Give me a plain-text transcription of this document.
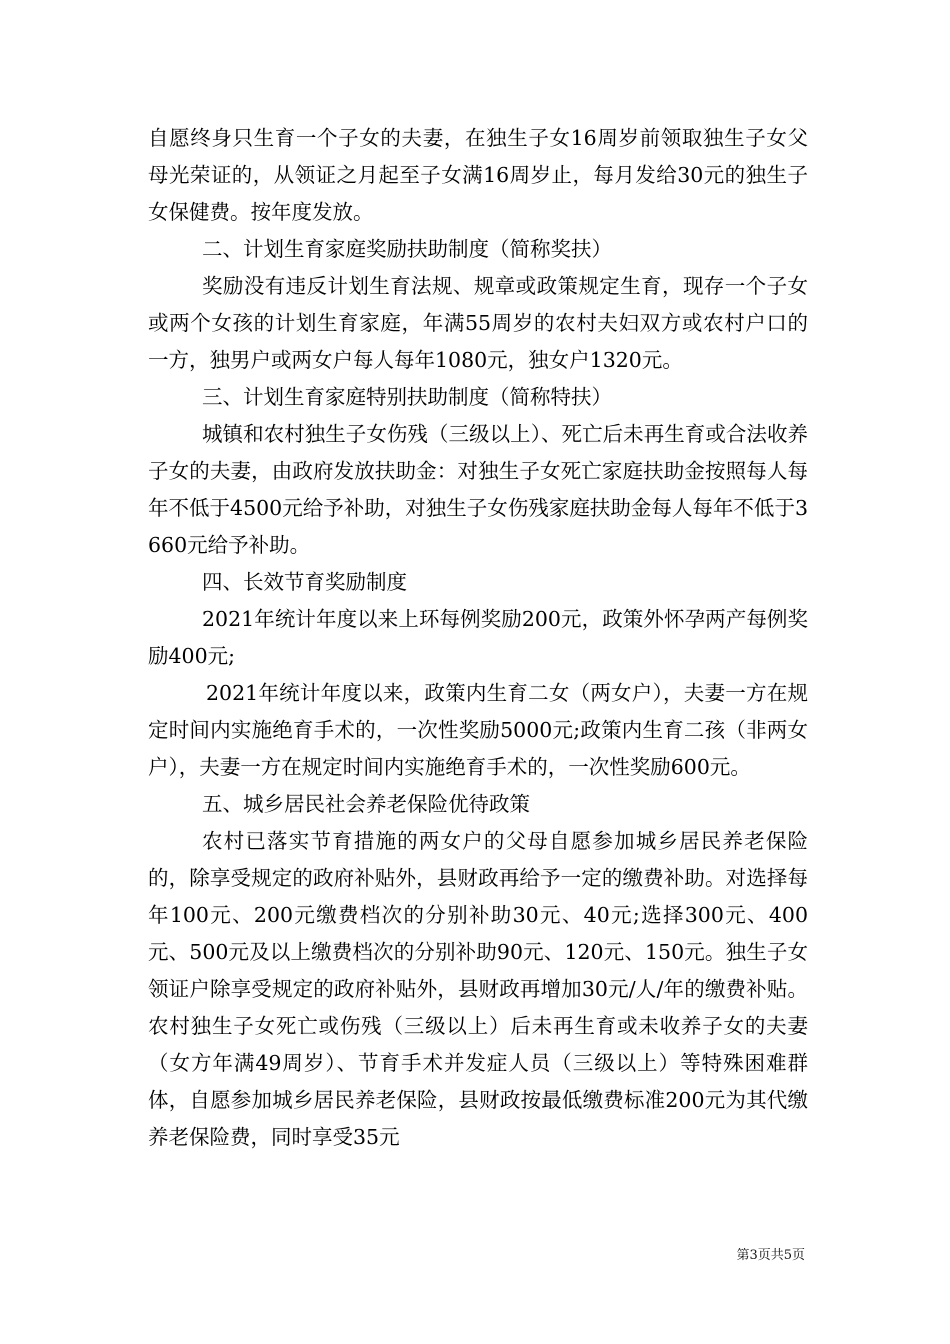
自愿终身只生育一个子女的夫妻，在独生子女16周岁前领取独生子女父母光荣证的，从领证之月起至子女满16周岁止，每月发给30元的独生子女保健费。按年度发放。

二、计划生育家庭奖励扶助制度（简称奖扶）

奖励没有违反计划生育法规、规章或政策规定生育，现存一个子女或两个女孩的计划生育家庭，年满55周岁的农村夫妇双方或农村户口的一方，独男户或两女户每人每年1080元，独女户1320元。

三、计划生育家庭特别扶助制度（简称特扶）

城镇和农村独生子女伤残（三级以上）、死亡后未再生育或合法收养子女的夫妻，由政府发放扶助金：对独生子女死亡家庭扶助金按照每人每年不低于4500元给予补助，对独生子女伤残家庭扶助金每人每年不低于3660元给予补助。

四、长效节育奖励制度

2021年统计年度以来上环每例奖励200元，政策外怀孕两产每例奖励400元;

2021年统计年度以来，政策内生育二女（两女户），夫妻一方在规定时间内实施绝育手术的，一次性奖励5000元;政策内生育二孩（非两女户），夫妻一方在规定时间内实施绝育手术的，一次性奖励600元。

五、城乡居民社会养老保险优待政策

农村已落实节育措施的两女户的父母自愿参加城乡居民养老保险的，除享受规定的政府补贴外，县财政再给予一定的缴费补助。对选择每年100元、200元缴费档次的分别补助30元、40元;选择300元、400元、500元及以上缴费档次的分别补助90元、120元、150元。独生子女领证户除享受规定的政府补贴外，县财政再增加30元/人/年的缴费补贴。农村独生子女死亡或伤残（三级以上）后未再生育或未收养子女的夫妻（女方年满49周岁）、节育手术并发症人员（三级以上）等特殊困难群体，自愿参加城乡居民养老保险，县财政按最低缴费标准200元为其代缴养老保险费，同时享受35元

第3页共5页
